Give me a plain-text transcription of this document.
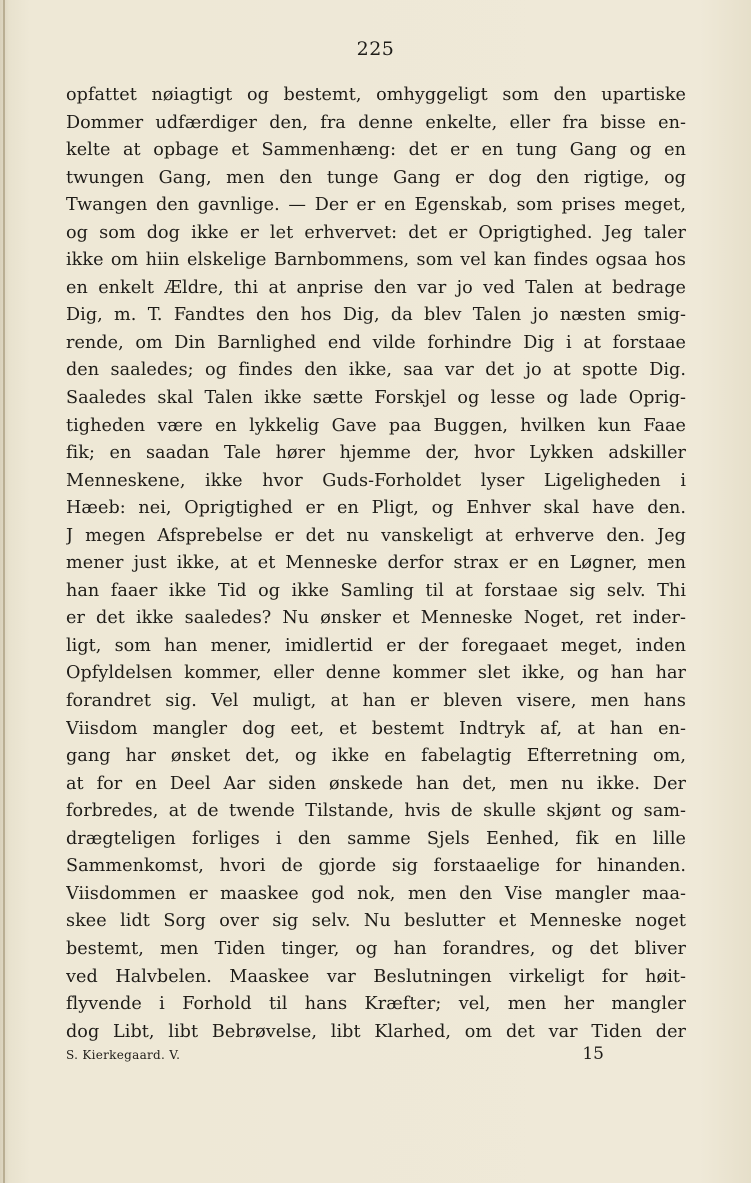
225
opfattet nøiagtigt og bestemt, omhyggeligt som den upartiske
Dommer udfærdiger den, fra denne enkelte, eller fra bisse en-
kelte at opbage et Sammenhæng: det er en tung Gang og en
twungen Gang, men den tunge Gang er dog den rigtige, og
Twangen den gavnlige. — Der er en Egenskab, som prises meget,
og som dog ikke er let erhvervet: det er Oprigtighed. Jeg taler
ikke om hiin elskelige Barnbommens, som vel kan findes ogsaa hos
en enkelt Ældre, thi at anprise den var jo ved Talen at bedrage
Dig, m. T. Fandtes den hos Dig, da blev Talen jo næsten smig-
rende, om Din Barnlighed end vilde forhindre Dig i at forstaae
den saaledes; og findes den ikke, saa var det jo at spotte Dig.
Saaledes skal Talen ikke sætte Forskjel og lesse og lade Oprig-
tigheden være en lykkelig Gave paa Buggen, hvilken kun Faae
fik; en saadan Tale hører hjemme der, hvor Lykken adskiller
Menneskene, ikke hvor Guds-Forholdet lyser Ligeligheden i
Hæeb: nei, Oprigtighed er en Pligt, og Enhver skal have den.
J megen Afsprebelse er det nu vanskeligt at erhverve den. Jeg
mener just ikke, at et Menneske derfor strax er en Løgner, men
han faaer ikke Tid og ikke Samling til at forstaae sig selv. Thi
er det ikke saaledes? Nu ønsker et Menneske Noget, ret inder-
ligt, som han mener, imidlertid er der foregaaet meget, inden
Opfyldelsen kommer, eller denne kommer slet ikke, og han har
forandret sig. Vel muligt, at han er bleven visere, men hans
Viisdom mangler dog eet, et bestemt Indtryk af, at han en-
gang har ønsket det, og ikke en fabelagtig Efterretning om,
at for en Deel Aar siden ønskede han det, men nu ikke. Der
forbredes, at de twende Tilstande, hvis de skulle skjønt og sam-
drægteligen forliges i den samme Sjels Eenhed, fik en lille
Sammenkomst, hvori de gjorde sig forstaaelige for hinanden.
Viisdommen er maaskee god nok, men den Vise mangler maa-
skee lidt Sorg over sig selv. Nu beslutter et Menneske noget
bestemt, men Tiden tinger, og han forandres, og det bliver
ved Halvbelen. Maaskee var Beslutningen virkeligt for høit-
flyvende i Forhold til hans Kræfter; vel, men her mangler
dog Libt, libt Bebrøvelse, libt Klarhed, om det var Tiden der
S. Kierkegaard. V.	15
